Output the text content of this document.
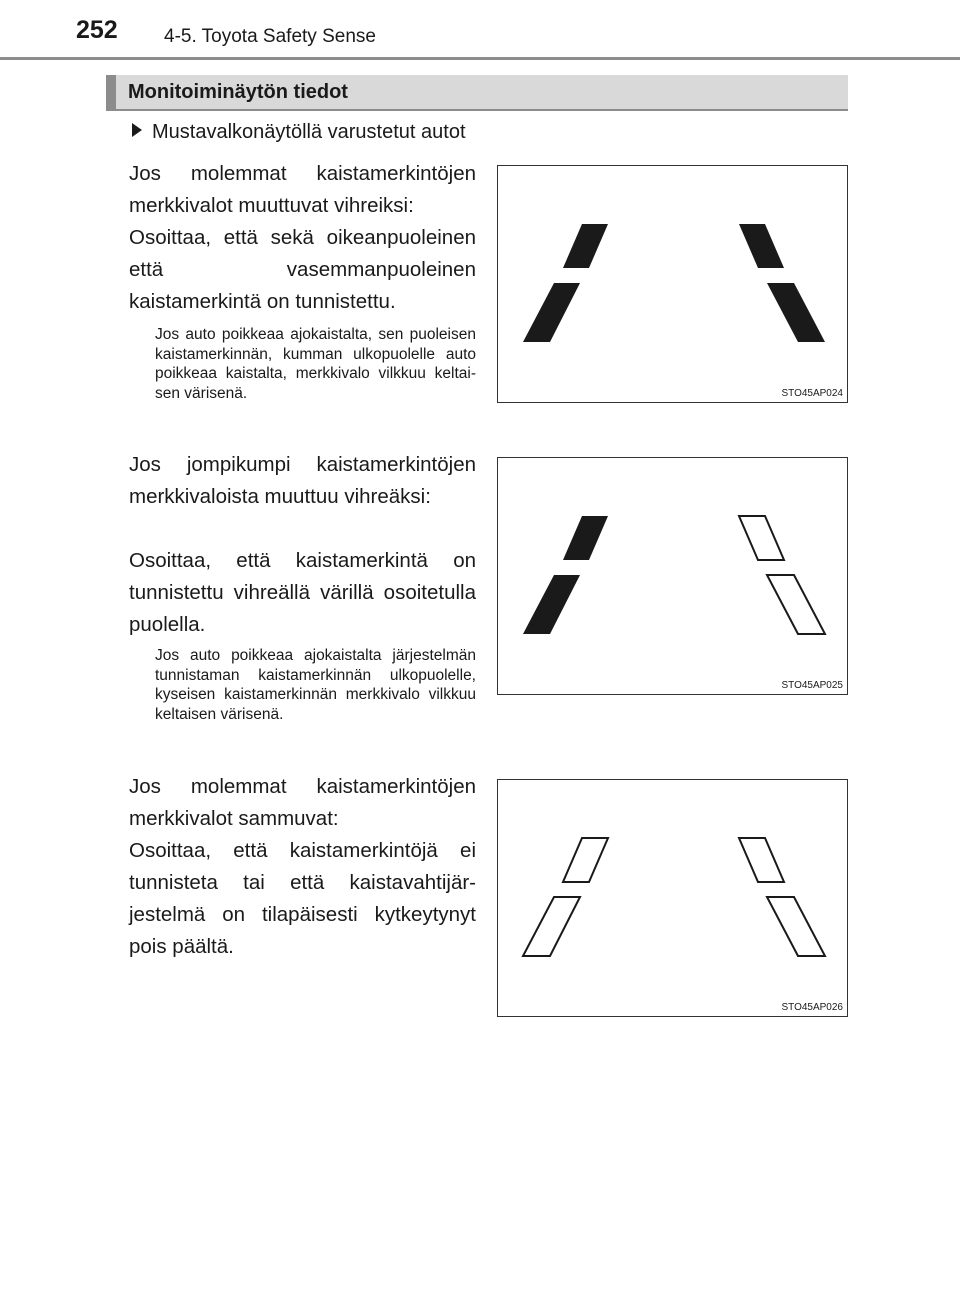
252 4-5. Toyota Safety Sense
Monitoiminäytön tiedot
Mustavalkonäytöllä varustetut autot
Jos molemmat kaistamerkintöjen merkkivalot muuttuvat vihreiksi:
Osoittaa, että sekä oikeanpuoleinen että vasemmanpuoleinen kaistamerkintä on tunnistettu.
Jos auto poikkeaa ajokaistalta, sen puoleisen kaistamerkinnän, kumman ulkopuolelle auto poikkeaa kaistalta, merkkivalo vilkkuu keltaisen värisenä.
Jos jompikumpi kaistamerkintöjen merkkivaloista muuttuu vihreäksi:
Osoittaa, että kaistamerkintä on tunnistettu vihreällä värillä osoitetulla puolella.
Jos auto poikkeaa ajokaistalta järjestelmän tunnistaman kaistamerkinnän ulkopuolelle, kyseisen kaistamerkinnän merkkivalo vilkkuu keltaisen värisenä.
Jos molemmat kaistamerkintöjen merkkivalot sammuvat:
Osoittaa, että kaistamerkintöjä ei tunnisteta tai että kaistavahtijärjestelmä on tilapäisesti kytkeytynyt pois päältä.
STO45AP024
STO45AP025
STO45AP026
